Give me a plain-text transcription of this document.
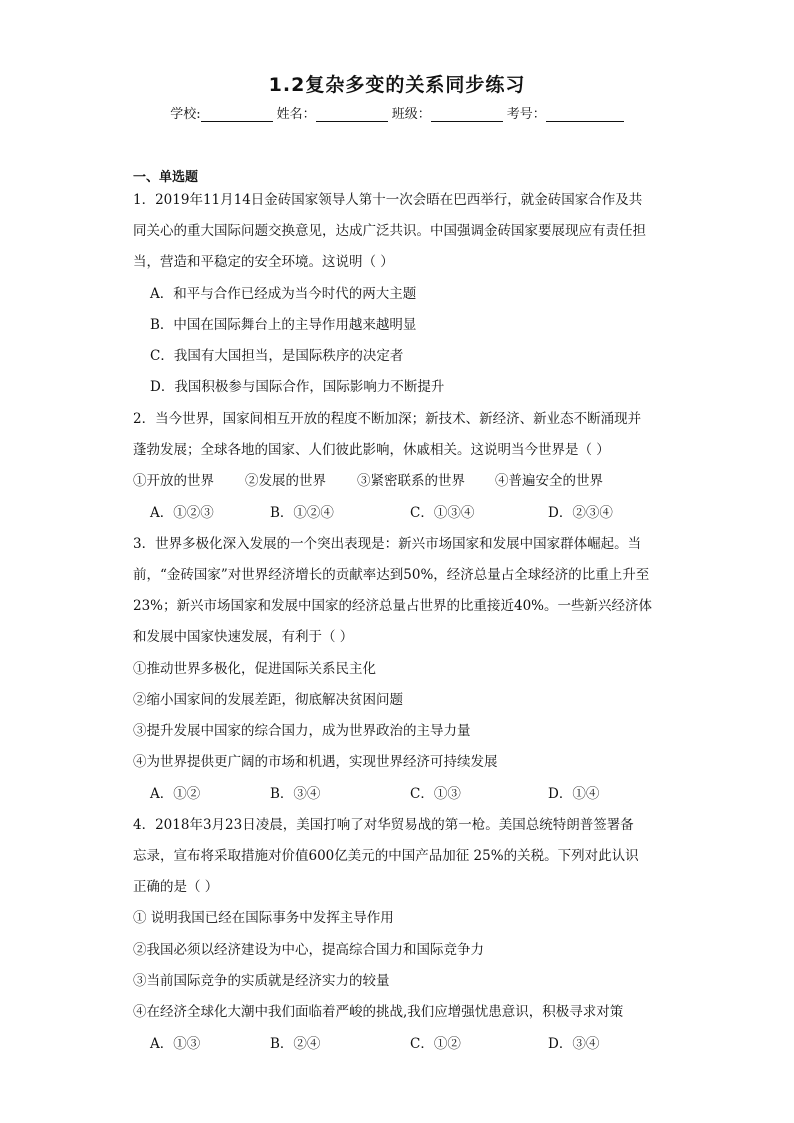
1.2复杂多变的关系同步练习
学校:	姓名：	班级：	考号：
一、单选题
1．2019年11月14日金砖国家领导人第十一次会晤在巴西举行，就金砖国家合作及共
同关心的重大国际问题交换意见，达成广泛共识。中国强调金砖国家要展现应有责任担
当，营造和平稳定的安全环境。这说明（ ）
A．和平与合作已经成为当今时代的两大主题
B．中国在国际舞台上的主导作用越来越明显
C．我国有大国担当，是国际秩序的决定者
D．我国积极参与国际合作，国际影响力不断提升
2．当今世界，国家间相互开放的程度不断加深；新技术、新经济、新业态不断涌现并
蓬勃发展；全球各地的国家、人们彼此影响，休戚相关。这说明当今世界是（ ）
①开放的世界 ②发展的世界 ③紧密联系的世界 ④普遍安全的世界
A．①②③	B．①②④	C．①③④	D．②③④
3．世界多极化深入发展的一个突出表现是：新兴市场国家和发展中国家群体崛起。当
前，“金砖国家”对世界经济增长的贡献率达到50%，经济总量占全球经济的比重上升至
23%；新兴市场国家和发展中国家的经济总量占世界的比重接近40%。一些新兴经济体
和发展中国家快速发展，有利于（ ）
①推动世界多极化，促进国际关系民主化
②缩小国家间的发展差距，彻底解决贫困问题
③提升发展中国家的综合国力，成为世界政治的主导力量
④为世界提供更广阔的市场和机遇，实现世界经济可持续发展
A．①②	B．③④	C．①③	D．①④
4．2018年3月23日凌晨，美国打响了对华贸易战的第一枪。美国总统特朗普签署备
忘录，宣布将采取措施对价值600亿美元的中国产品加征 25%的关税。下列对此认识
正确的是（ ）
① 说明我国已经在国际事务中发挥主导作用
②我国必须以经济建设为中心，提高综合国力和国际竞争力
③当前国际竞争的实质就是经济实力的较量
④在经济全球化大潮中我们面临着严峻的挑战,我们应增强忧患意识，积极寻求对策
A．①③	B．②④	C．①②	D．③④
